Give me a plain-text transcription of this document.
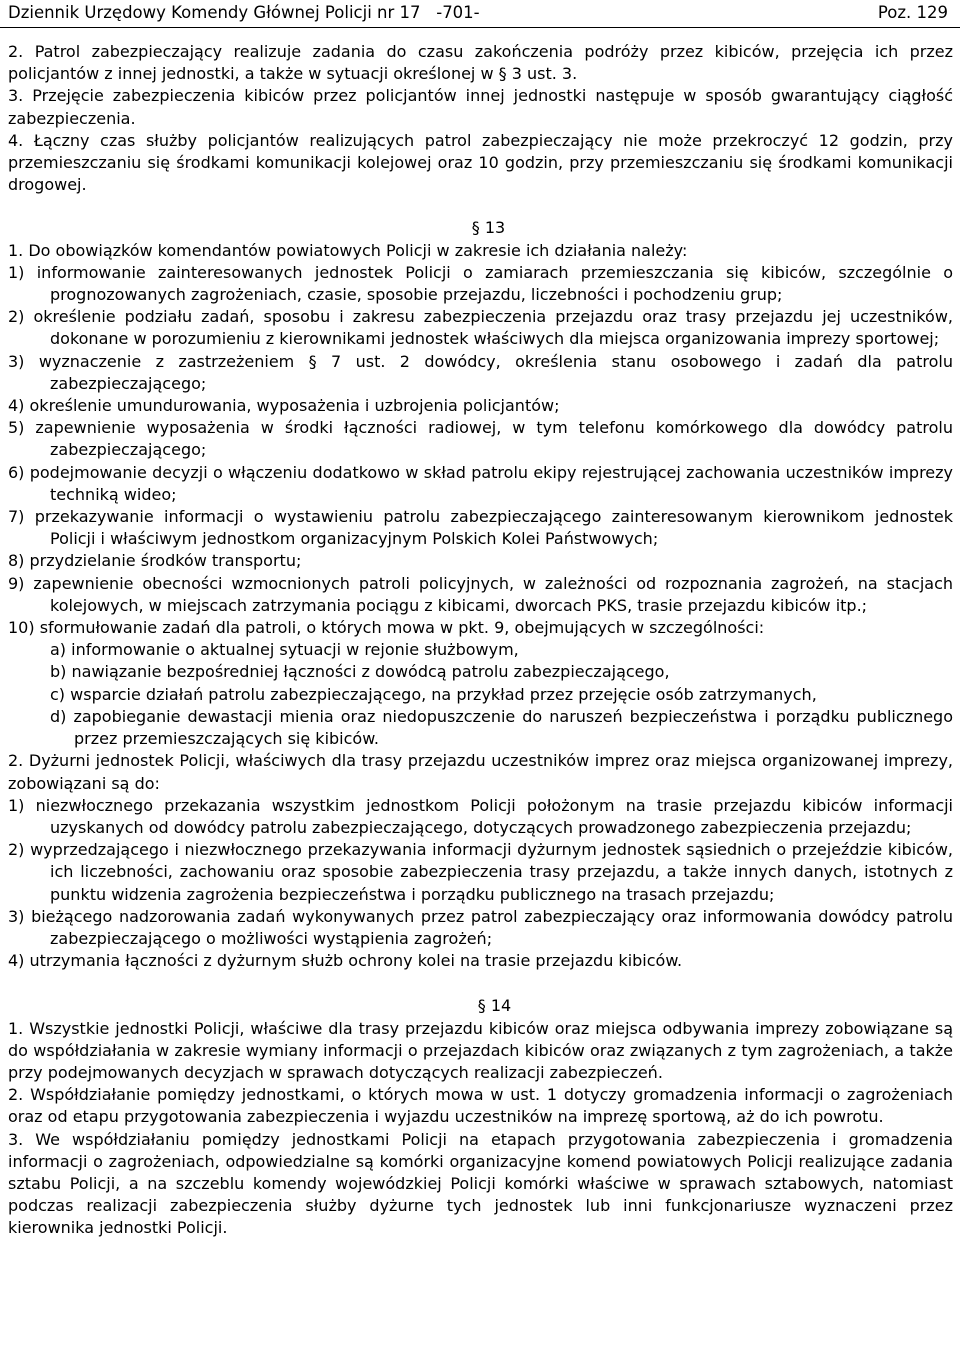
Dziennik Urzędowy Komendy Głównej Policji nr 17   -701-	Poz. 129

2. Patrol zabezpieczający realizuje zadania do czasu zakończenia podróży przez kibiców, przejęcia ich przez policjantów z innej jednostki, a także w sytuacji określonej w § 3 ust. 3.

3. Przejęcie zabezpieczenia kibiców przez policjantów innej jednostki następuje w sposób gwarantujący ciągłość zabezpieczenia.

4. Łączny czas służby policjantów realizujących patrol zabezpieczający nie może przekroczyć 12 godzin, przy przemieszczaniu się środkami komunikacji kolejowej oraz 10 godzin, przy przemieszczaniu się środkami komunikacji drogowej.

§ 13

1. Do obowiązków komendantów powiatowych Policji w zakresie ich działania należy:

1) informowanie zainteresowanych jednostek Policji o zamiarach przemieszczania się kibiców, szczególnie o prognozowanych zagrożeniach, czasie, sposobie przejazdu, liczebności i pochodzeniu grup;

2) określenie podziału zadań, sposobu i zakresu zabezpieczenia przejazdu oraz trasy przejazdu jej uczestników, dokonane w porozumieniu z kierownikami jednostek właściwych dla miejsca organizowania imprezy sportowej;

3) wyznaczenie z zastrzeżeniem § 7 ust. 2 dowódcy, określenia stanu osobowego i zadań dla patrolu zabezpieczającego;

4) określenie umundurowania, wyposażenia i uzbrojenia policjantów;

5) zapewnienie wyposażenia w środki łączności radiowej, w tym telefonu komórkowego dla dowódcy patrolu zabezpieczającego;

6) podejmowanie decyzji o włączeniu dodatkowo w skład patrolu ekipy rejestrującej zachowania uczestników imprezy techniką wideo;

7) przekazywanie informacji o wystawieniu patrolu zabezpieczającego zainteresowanym kierownikom jednostek Policji i właściwym jednostkom organizacyjnym Polskich Kolei Państwowych;

8) przydzielanie środków transportu;

9) zapewnienie obecności wzmocnionych patroli policyjnych, w zależności od rozpoznania zagrożeń, na stacjach kolejowych, w miejscach zatrzymania pociągu z kibicami, dworcach PKS, trasie przejazdu kibiców itp.;

10) sformułowanie zadań dla patroli, o których mowa w pkt. 9, obejmujących w szczególności:

a) informowanie o aktualnej sytuacji w rejonie służbowym,

b) nawiązanie bezpośredniej łączności z dowódcą patrolu zabezpieczającego,

c) wsparcie działań patrolu zabezpieczającego, na przykład przez przejęcie osób zatrzymanych,

d) zapobieganie dewastacji mienia oraz niedopuszczenie do naruszeń bezpieczeństwa i porządku publicznego przez przemieszczających się kibiców.

2. Dyżurni jednostek Policji, właściwych dla trasy przejazdu uczestników imprez oraz miejsca organizowanej imprezy, zobowiązani są do:

1) niezwłocznego przekazania wszystkim jednostkom Policji położonym na trasie przejazdu kibiców informacji uzyskanych od dowódcy patrolu zabezpieczającego, dotyczących prowadzonego zabezpieczenia przejazdu;

2) wyprzedzającego i niezwłocznego przekazywania informacji dyżurnym jednostek sąsiednich o przejeździe kibiców, ich liczebności, zachowaniu oraz sposobie zabezpieczenia trasy przejazdu, a także innych danych, istotnych z punktu widzenia zagrożenia bezpieczeństwa i porządku publicznego na trasach przejazdu;

3) bieżącego nadzorowania zadań wykonywanych przez patrol zabezpieczający oraz informowania dowódcy patrolu zabezpieczającego o możliwości wystąpienia zagrożeń;

4) utrzymania łączności z dyżurnym służb ochrony kolei na trasie przejazdu kibiców.

§ 14

1. Wszystkie jednostki Policji, właściwe dla trasy przejazdu kibiców oraz miejsca odbywania imprezy zobowiązane są do współdziałania w zakresie wymiany informacji o przejazdach kibiców oraz związanych z tym zagrożeniach, a także przy podejmowanych decyzjach w sprawach dotyczących realizacji zabezpieczeń.

2. Współdziałanie pomiędzy jednostkami, o których mowa w ust. 1 dotyczy gromadzenia informacji o zagrożeniach oraz od etapu przygotowania zabezpieczenia i wyjazdu uczestników na imprezę sportową, aż do ich powrotu.

3. We współdziałaniu pomiędzy jednostkami Policji na etapach przygotowania zabezpieczenia i gromadzenia informacji o zagrożeniach, odpowiedzialne są komórki organizacyjne komend powiatowych Policji realizujące zadania sztabu Policji, a na szczeblu komendy wojewódzkiej Policji komórki właściwe w sprawach sztabowych, natomiast podczas realizacji zabezpieczenia służby dyżurne tych jednostek lub inni funkcjonariusze wyznaczeni przez kierownika jednostki Policji.
